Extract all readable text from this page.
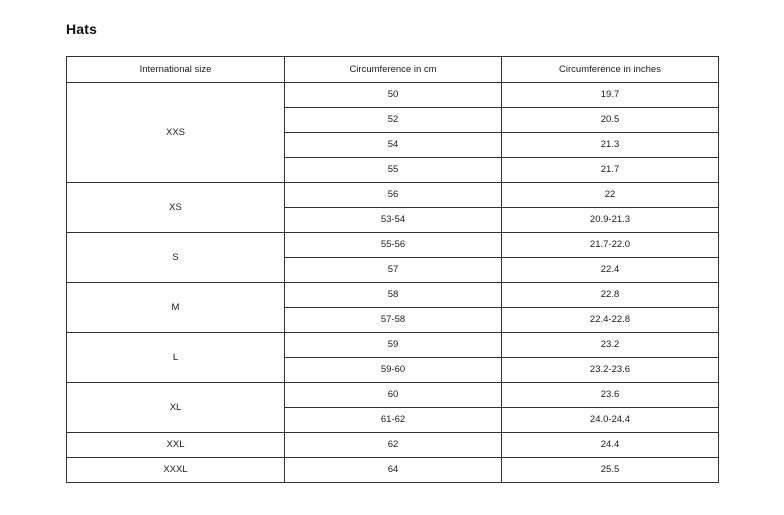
Hats
International size	Circumference in cm	Circumference in inches
XXS	50	19.7
	52	20.5
	54	21.3
	55	21.7
XS	56	22
	53-54	20.9-21.3
S	55-56	21.7-22.0
	57	22.4
M	58	22.8
	57-58	22.4-22.8
L	59	23.2
	59-60	23.2-23.6
XL	60	23.6
	61-62	24.0-24.4
XXL	62	24.4
XXXL	64	25.5
